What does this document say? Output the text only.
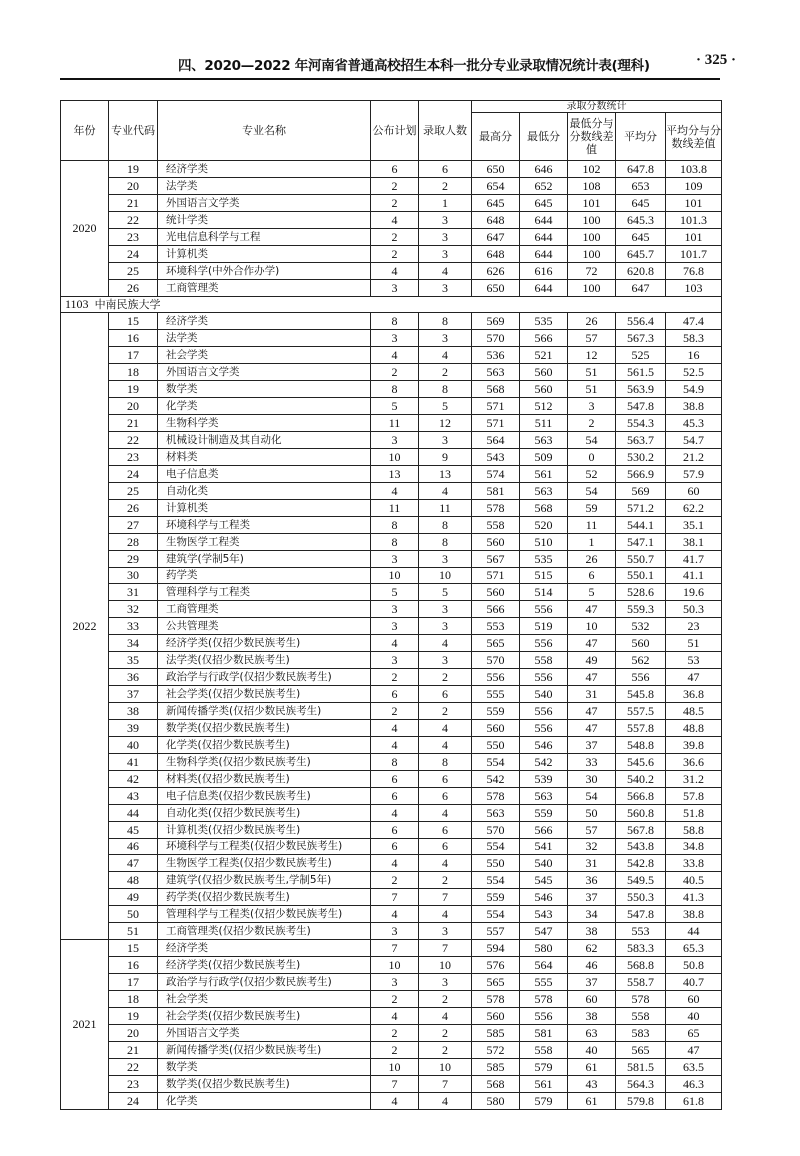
四、2020—2022 年河南省普通高校招生本科一批分专业录取情况统计表(理科)	· 325 ·
年份	专业代码	专业名称	公布计划	录取人数	录取分数统计				
					最高分	最低分	最低分与分数线差值	平均分	平均分与分数线差值
2020	19	经济学类	6	6	650	646	102	647.8	103.8
	20	法学类	2	2	654	652	108	653	109
	21	外国语言文学类	2	1	645	645	101	645	101
	22	统计学类	4	3	648	644	100	645.3	101.3
	23	光电信息科学与工程	2	3	647	644	100	645	101
	24	计算机类	2	3	648	644	100	645.7	101.7
	25	环境科学(中外合作办学)	4	4	626	616	72	620.8	76.8
	26	工商管理类	3	3	650	644	100	647	103
1103 中南民族大学									
2022	15	经济学类	8	8	569	535	26	556.4	47.4
	16	法学类	3	3	570	566	57	567.3	58.3
	17	社会学类	4	4	536	521	12	525	16
	18	外国语言文学类	2	2	563	560	51	561.5	52.5
	19	数学类	8	8	568	560	51	563.9	54.9
	20	化学类	5	5	571	512	3	547.8	38.8
	21	生物科学类	11	12	571	511	2	554.3	45.3
	22	机械设计制造及其自动化	3	3	564	563	54	563.7	54.7
	23	材料类	10	9	543	509	0	530.2	21.2
	24	电子信息类	13	13	574	561	52	566.9	57.9
	25	自动化类	4	4	581	563	54	569	60
	26	计算机类	11	11	578	568	59	571.2	62.2
	27	环境科学与工程类	8	8	558	520	11	544.1	35.1
	28	生物医学工程类	8	8	560	510	1	547.1	38.1
	29	建筑学(学制5年)	3	3	567	535	26	550.7	41.7
	30	药学类	10	10	571	515	6	550.1	41.1
	31	管理科学与工程类	5	5	560	514	5	528.6	19.6
	32	工商管理类	3	3	566	556	47	559.3	50.3
	33	公共管理类	3	3	553	519	10	532	23
	34	经济学类(仅招少数民族考生)	4	4	565	556	47	560	51
	35	法学类(仅招少数民族考生)	3	3	570	558	49	562	53
	36	政治学与行政学(仅招少数民族考生)	2	2	556	556	47	556	47
	37	社会学类(仅招少数民族考生)	6	6	555	540	31	545.8	36.8
	38	新闻传播学类(仅招少数民族考生)	2	2	559	556	47	557.5	48.5
	39	数学类(仅招少数民族考生)	4	4	560	556	47	557.8	48.8
	40	化学类(仅招少数民族考生)	4	4	550	546	37	548.8	39.8
	41	生物科学类(仅招少数民族考生)	8	8	554	542	33	545.6	36.6
	42	材料类(仅招少数民族考生)	6	6	542	539	30	540.2	31.2
	43	电子信息类(仅招少数民族考生)	6	6	578	563	54	566.8	57.8
	44	自动化类(仅招少数民族考生)	4	4	563	559	50	560.8	51.8
	45	计算机类(仅招少数民族考生)	6	6	570	566	57	567.8	58.8
	46	环境科学与工程类(仅招少数民族考生)	6	6	554	541	32	543.8	34.8
	47	生物医学工程类(仅招少数民族考生)	4	4	550	540	31	542.8	33.8
	48	建筑学(仅招少数民族考生,学制5年)	2	2	554	545	36	549.5	40.5
	49	药学类(仅招少数民族考生)	7	7	559	546	37	550.3	41.3
	50	管理科学与工程类(仅招少数民族考生)	4	4	554	543	34	547.8	38.8
	51	工商管理类(仅招少数民族考生)	3	3	557	547	38	553	44
2021	15	经济学类	7	7	594	580	62	583.3	65.3
	16	经济学类(仅招少数民族考生)	10	10	576	564	46	568.8	50.8
	17	政治学与行政学(仅招少数民族考生)	3	3	565	555	37	558.7	40.7
	18	社会学类	2	2	578	578	60	578	60
	19	社会学类(仅招少数民族考生)	4	4	560	556	38	558	40
	20	外国语言文学类	2	2	585	581	63	583	65
	21	新闻传播学类(仅招少数民族考生)	2	2	572	558	40	565	47
	22	数学类	10	10	585	579	61	581.5	63.5
	23	数学类(仅招少数民族考生)	7	7	568	561	43	564.3	46.3
	24	化学类	4	4	580	579	61	579.8	61.8
